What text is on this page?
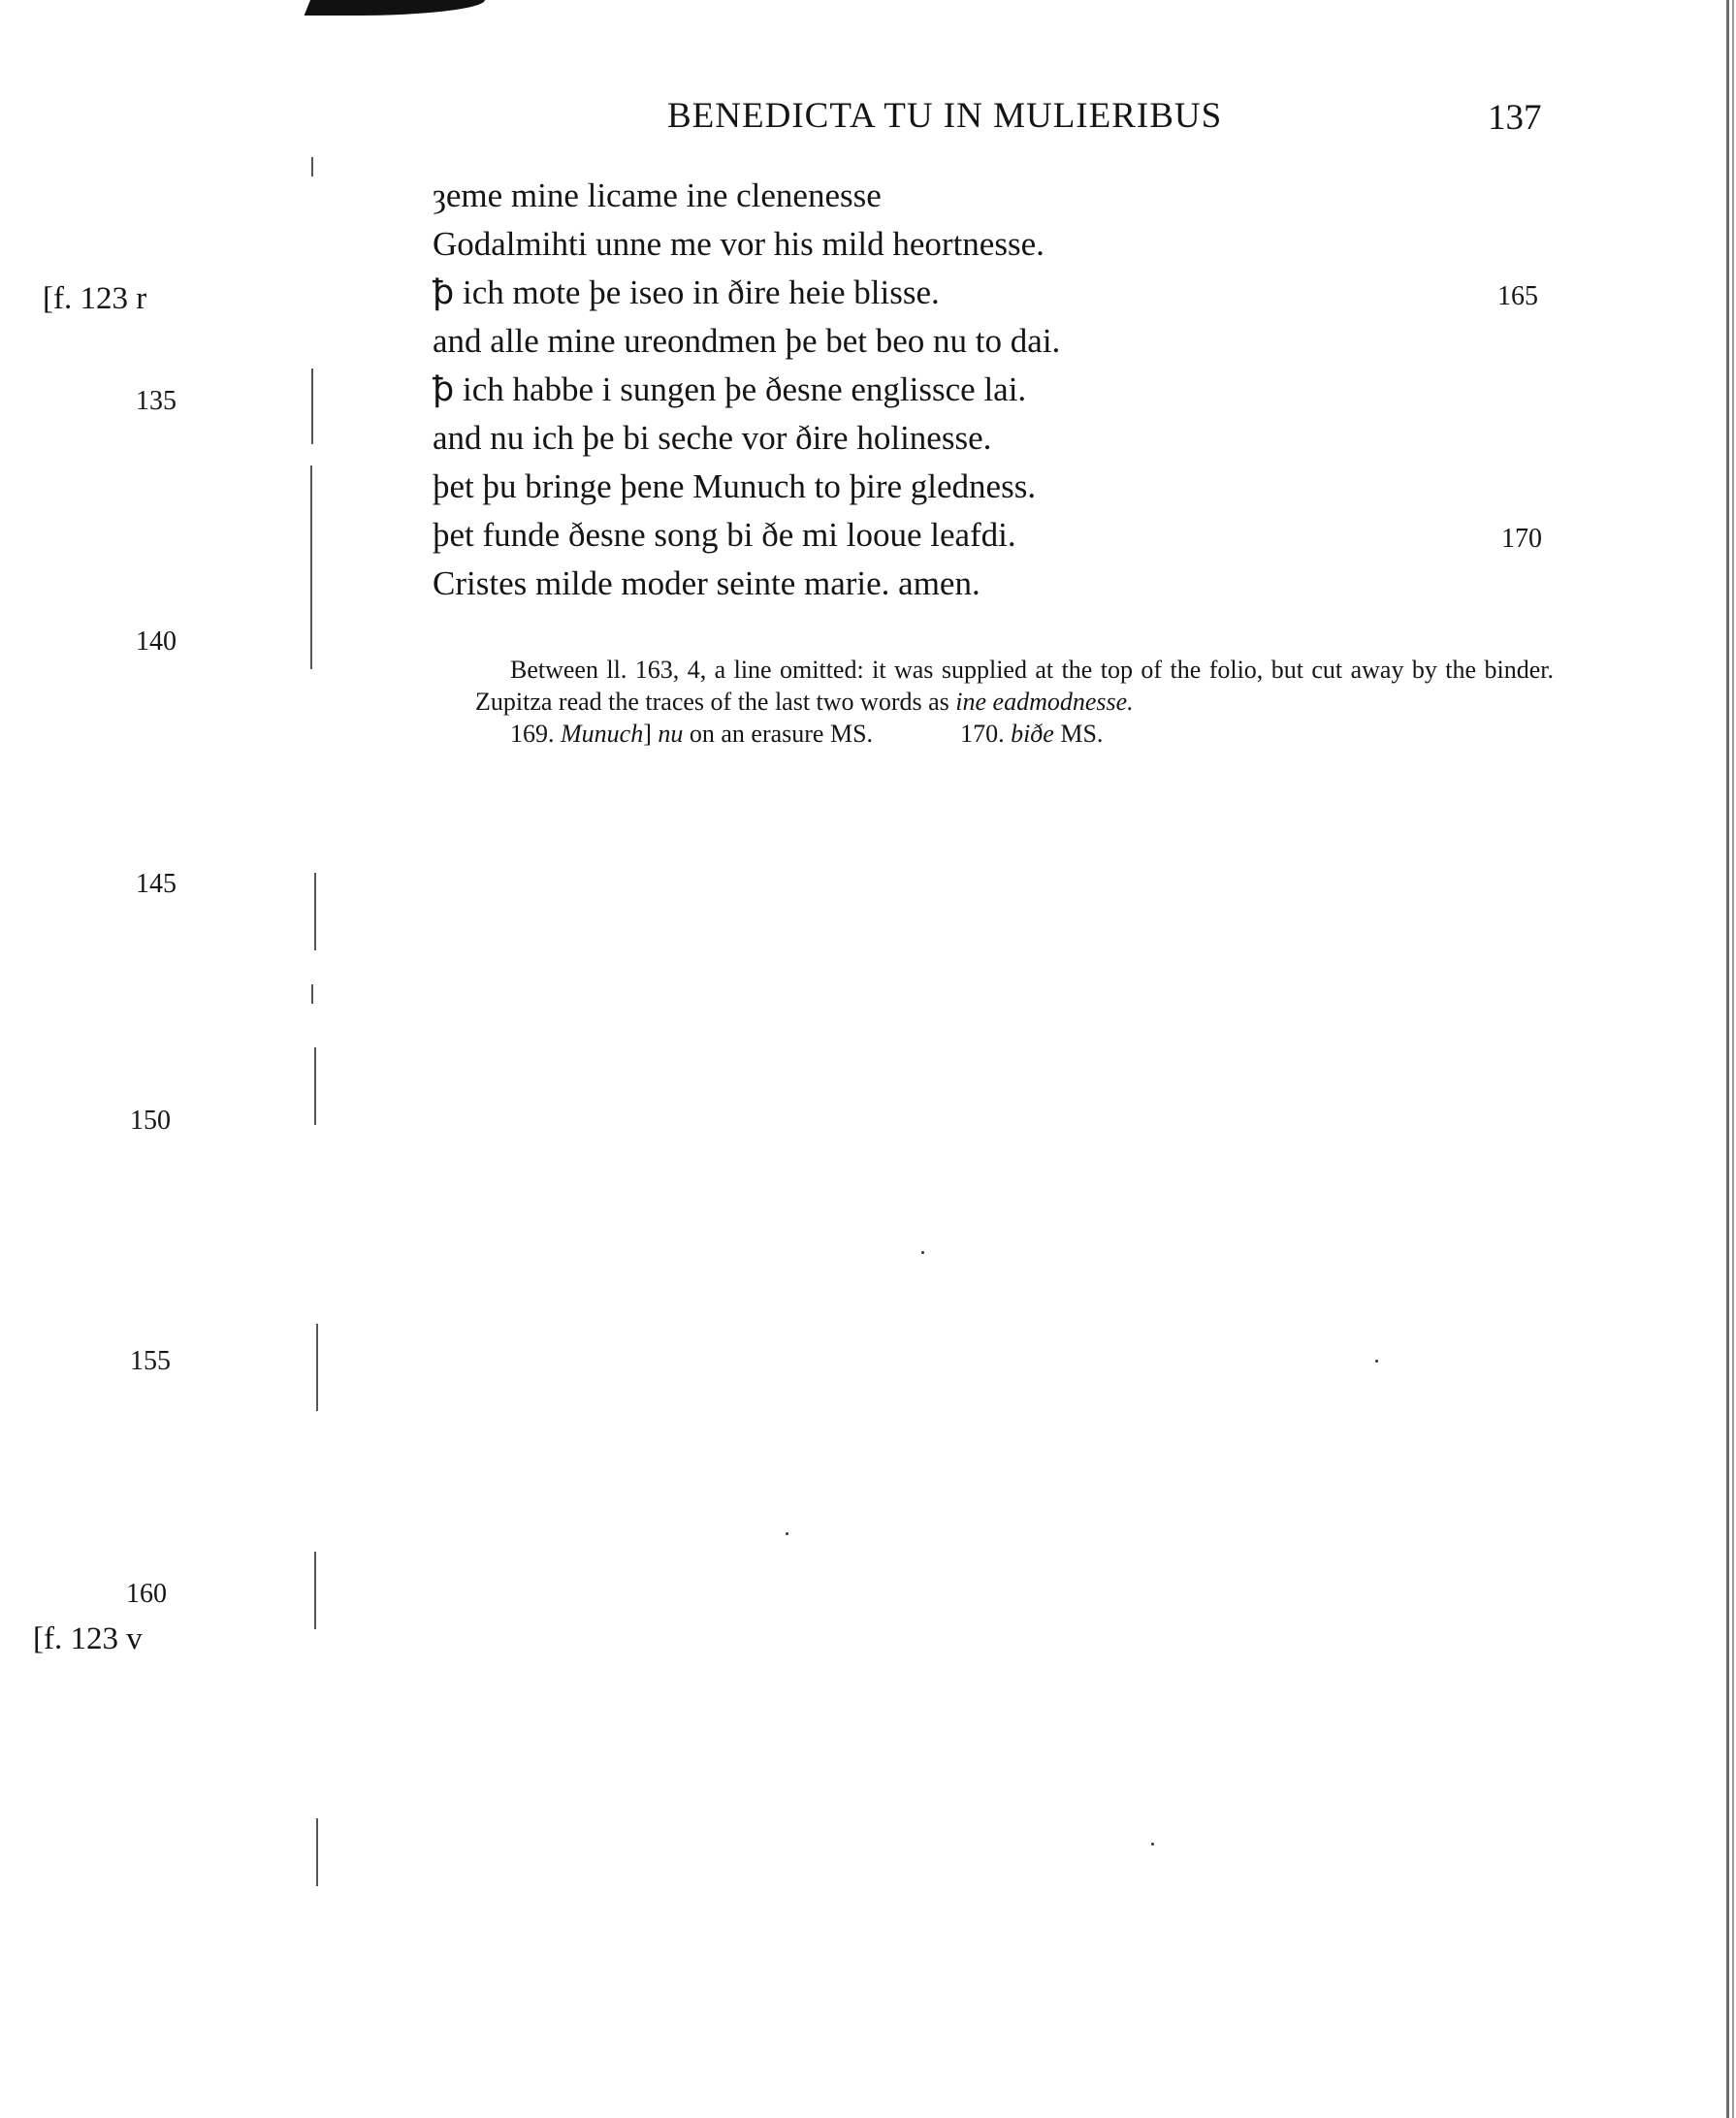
BENEDICTA TU IN MULIERIBUS	137
ȝeme mine licame ine clenenesse
Godalmihti unne me vor his mild heortnesse.
ꝥ ich mote þe iseo in ðire heie blisse.
and alle mine ureondmen þe bet beo nu to dai.
ꝥ ich habbe i sungen þe ðesne englissce lai.
and nu ich þe bi seche vor ðire holinesse.
þet þu bringe þene Munuch to þire gledness.
þet funde ðesne song bi ðe mi looue leafdi.
Cristes milde moder seinte marie. amen.
165
170
[f. 123 r
135
140
145
150
155
160
[f. 123 v

Between ll. 163, 4, a line omitted: it was supplied at the top of the folio, but cut away by the binder. Zupitza read the traces of the last two words as ine eadmodnesse.

169. Munuch] nu on an erasure MS.	170. biðe MS.
